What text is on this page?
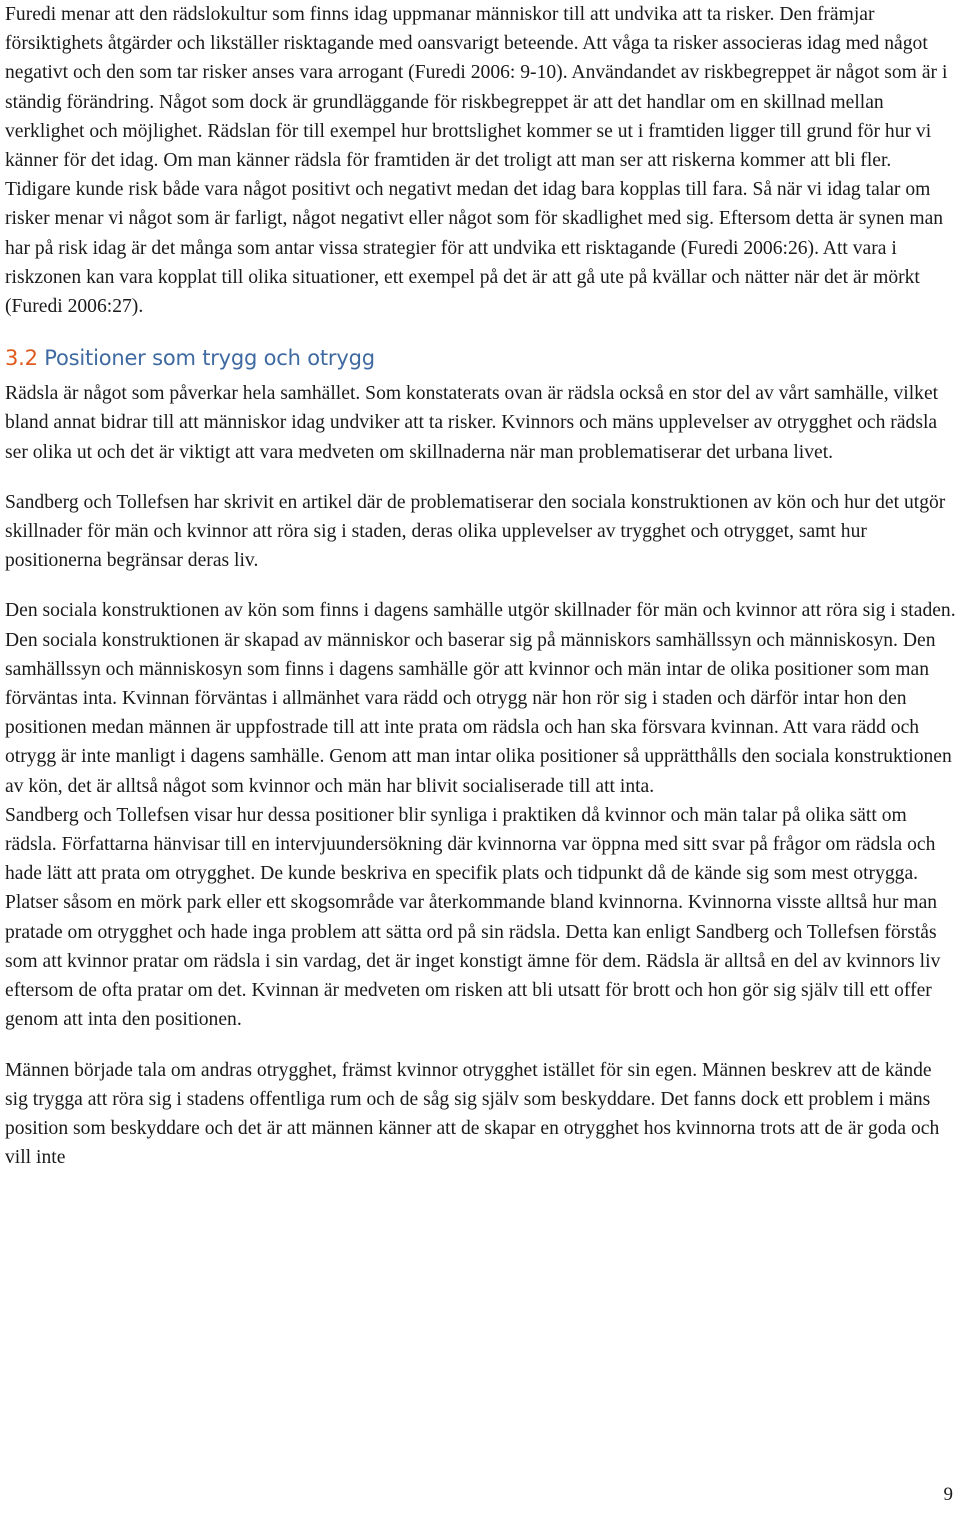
Furedi menar att den rädslokultur som finns idag uppmanar människor till att undvika att ta risker. Den främjar försiktighets åtgärder och likställer risktagande med oansvarigt beteende. Att våga ta risker associeras idag med något negativt och den som tar risker anses vara arrogant (Furedi 2006: 9-10). Användandet av riskbegreppet är något som är i ständig förändring. Något som dock är grundläggande för riskbegreppet är att det handlar om en skillnad mellan verklighet och möjlighet. Rädslan för till exempel hur brottslighet kommer se ut i framtiden ligger till grund för hur vi känner för det idag. Om man känner rädsla för framtiden är det troligt att man ser att riskerna kommer att bli fler. Tidigare kunde risk både vara något positivt och negativt medan det idag bara kopplas till fara. Så när vi idag talar om risker menar vi något som är farligt, något negativt eller något som för skadlighet med sig. Eftersom detta är synen man har på risk idag är det många som antar vissa strategier för att undvika ett risktagande (Furedi 2006:26). Att vara i riskzonen kan vara kopplat till olika situationer, ett exempel på det är att gå ute på kvällar och nätter när det är mörkt (Furedi 2006:27).

3.2 Positioner som trygg och otrygg

Rädsla är något som påverkar hela samhället. Som konstaterats ovan är rädsla också en stor del av vårt samhälle, vilket bland annat bidrar till att människor idag undviker att ta risker. Kvinnors och mäns upplevelser av otrygghet och rädsla ser olika ut och det är viktigt att vara medveten om skillnaderna när man problematiserar det urbana livet.

Sandberg och Tollefsen har skrivit en artikel där de problematiserar den sociala konstruktionen av kön och hur det utgör skillnader för män och kvinnor att röra sig i staden, deras olika upplevelser av trygghet och otrygget, samt hur positionerna begränsar deras liv.

Den sociala konstruktionen av kön som finns i dagens samhälle utgör skillnader för män och kvinnor att röra sig i staden. Den sociala konstruktionen är skapad av människor och baserar sig på människors samhällssyn och människosyn. Den samhällssyn och människosyn som finns i dagens samhälle gör att kvinnor och män intar de olika positioner som man förväntas inta. Kvinnan förväntas i allmänhet vara rädd och otrygg när hon rör sig i staden och därför intar hon den positionen medan männen är uppfostrade till att inte prata om rädsla och han ska försvara kvinnan. Att vara rädd och otrygg är inte manligt i dagens samhälle. Genom att man intar olika positioner så upprätthålls den sociala konstruktionen av kön, det är alltså något som kvinnor och män har blivit socialiserade till att inta.

Sandberg och Tollefsen visar hur dessa positioner blir synliga i praktiken då kvinnor och män talar på olika sätt om rädsla. Författarna hänvisar till en intervjuundersökning där kvinnorna var öppna med sitt svar på frågor om rädsla och hade lätt att prata om otrygghet. De kunde beskriva en specifik plats och tidpunkt då de kände sig som mest otrygga. Platser såsom en mörk park eller ett skogsområde var återkommande bland kvinnorna. Kvinnorna visste alltså hur man pratade om otrygghet och hade inga problem att sätta ord på sin rädsla. Detta kan enligt Sandberg och Tollefsen förstås som att kvinnor pratar om rädsla i sin vardag, det är inget konstigt ämne för dem. Rädsla är alltså en del av kvinnors liv eftersom de ofta pratar om det. Kvinnan är medveten om risken att bli utsatt för brott och hon gör sig själv till ett offer genom att inta den positionen.

Männen började tala om andras otrygghet, främst kvinnor otrygghet istället för sin egen. Männen beskrev att de kände sig trygga att röra sig i stadens offentliga rum och de såg sig själv som beskyddare. Det fanns dock ett problem i mäns position som beskyddare och det är att männen känner att de skapar en otrygghet hos kvinnorna trots att de är goda och vill inte

9
